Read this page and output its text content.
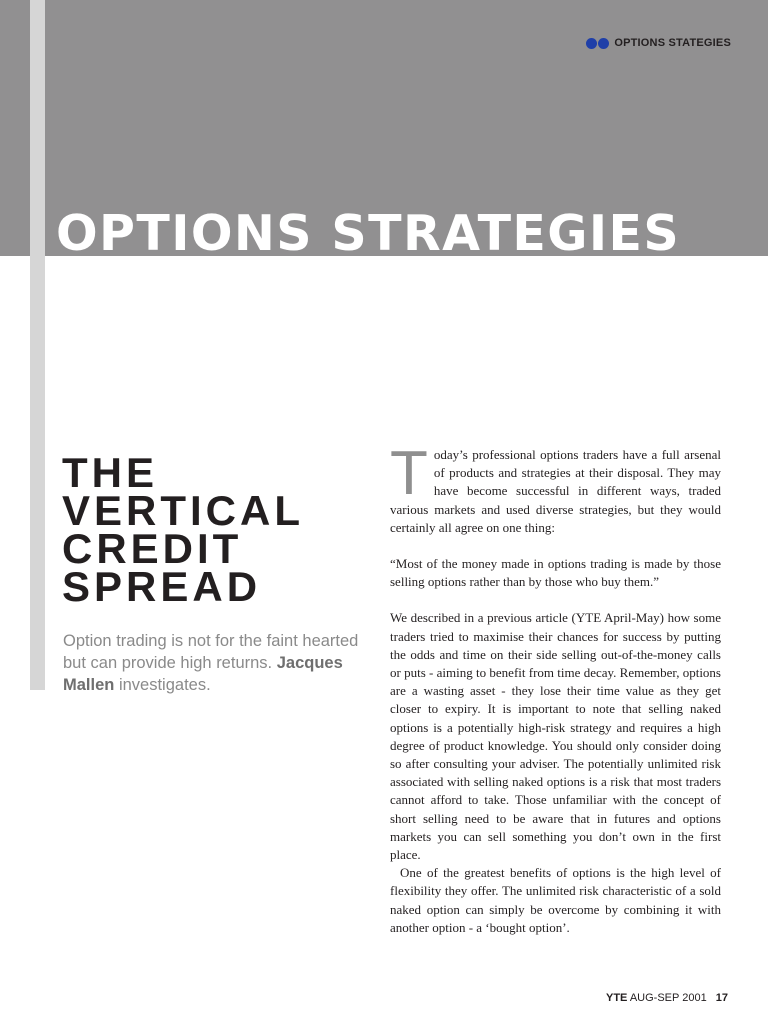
OPTIONS STATEGIES
OPTIONS STRATEGIES
THE
VERTICAL
CREDIT
SPREAD

Option trading is not for the faint hearted but can provide high returns. Jacques Mallen investigates.

Today’s professional options traders have a full arsenal of products and strategies at their disposal. They may have become successful in different ways, traded various markets and used diverse strategies, but they would certainly all agree on one thing:

“Most of the money made in options trading is made by those selling options rather than by those who buy them.”

We described in a previous article (YTE April-May) how some traders tried to maximise their chances for success by putting the odds and time on their side selling out-of-the-money calls or puts - aiming to benefit from time decay. Remember, options are a wasting asset - they lose their time value as they get closer to expiry. It is important to note that selling naked options is a potentially high-risk strategy and requires a high degree of product knowledge. You should only consider doing so after consulting your adviser. The potentially unlimited risk associated with selling naked options is a risk that most traders cannot afford to take. Those unfamiliar with the concept of short selling need to be aware that in futures and options markets you can sell something you don’t own in the first place.

One of the greatest benefits of options is the high level of flexibility they offer. The unlimited risk characteristic of a sold naked option can simply be overcome by combining it with another option - a ‘bought option’.

YTE AUG-SEP 2001 17
